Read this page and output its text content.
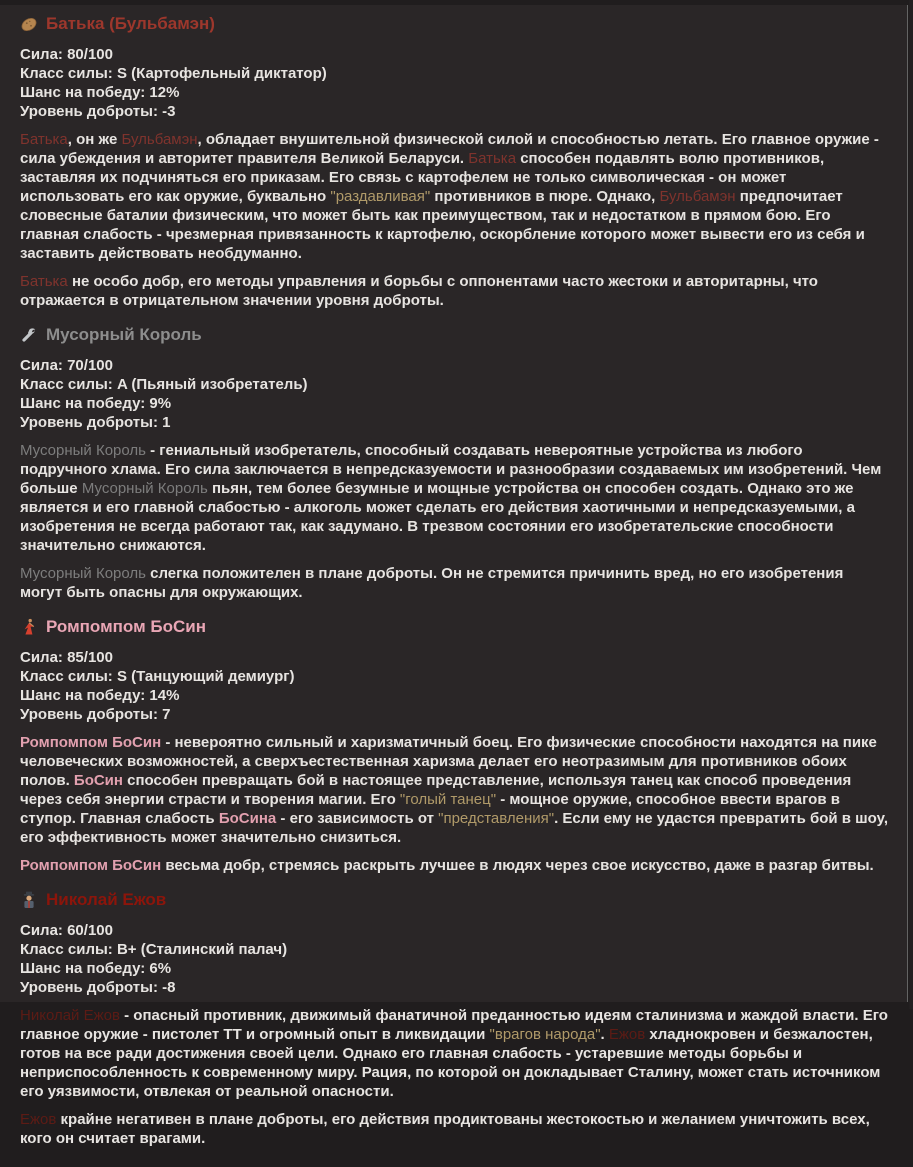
Батька (Бульбамэн)
Сила: 80/100
Класс силы: S (Картофельный диктатор)
Шанс на победу: 12%
Уровень доброты: -3

Батька, он же Бульбамэн, обладает внушительной физической силой и способностью летать. Его главное оружие - сила убеждения и авторитет правителя Великой Беларуси. Батька способен подавлять волю противников, заставляя их подчиняться его приказам. Его связь с картофелем не только символическая - он может использовать его как оружие, буквально "раздавливая" противников в пюре. Однако, Бульбамэн предпочитает словесные баталии физическим, что может быть как преимуществом, так и недостатком в прямом бою. Его главная слабость - чрезмерная привязанность к картофелю, оскорбление которого может вывести его из себя и заставить действовать необдуманно.

Батька не особо добр, его методы управления и борьбы с оппонентами часто жестоки и авторитарны, что отражается в отрицательном значении уровня доброты.

Мусорный Король
Сила: 70/100
Класс силы: A (Пьяный изобретатель)
Шанс на победу: 9%
Уровень доброты: 1

Мусорный Король - гениальный изобретатель, способный создавать невероятные устройства из любого подручного хлама. Его сила заключается в непредсказуемости и разнообразии создаваемых им изобретений. Чем больше Мусорный Король пьян, тем более безумные и мощные устройства он способен создать. Однако это же является и его главной слабостью - алкоголь может сделать его действия хаотичными и непредсказуемыми, а изобретения не всегда работают так, как задумано. В трезвом состоянии его изобретательские способности значительно снижаются.

Мусорный Король слегка положителен в плане доброты. Он не стремится причинить вред, но его изобретения могут быть опасны для окружающих.

Ромпомпом БоСин
Сила: 85/100
Класс силы: S (Танцующий демиург)
Шанс на победу: 14%
Уровень доброты: 7

Ромпомпом БоСин - невероятно сильный и харизматичный боец. Его физические способности находятся на пике человеческих возможностей, а сверхъестественная харизма делает его неотразимым для противников обоих полов. БоСин способен превращать бой в настоящее представление, используя танец как способ проведения через себя энергии страсти и творения магии. Его "голый танец" - мощное оружие, способное ввести врагов в ступор. Главная слабость БоСина - его зависимость от "представления". Если ему не удастся превратить бой в шоу, его эффективность может значительно снизиться.

Ромпомпом БоСин весьма добр, стремясь раскрыть лучшее в людях через свое искусство, даже в разгар битвы.

Николай Ежов
Сила: 60/100
Класс силы: B+ (Сталинский палач)
Шанс на победу: 6%
Уровень доброты: -8

Николай Ежов - опасный противник, движимый фанатичной преданностью идеям сталинизма и жаждой власти. Его главное оружие - пистолет ТТ и огромный опыт в ликвидации "врагов народа". Ежов хладнокровен и безжалостен, готов на все ради достижения своей цели. Однако его главная слабость - устаревшие методы борьбы и неприспособленность к современному миру. Рация, по которой он докладывает Сталину, может стать источником его уязвимости, отвлекая от реальной опасности.

Ежов крайне негативен в плане доброты, его действия продиктованы жестокостью и желанием уничтожить всех, кого он считает врагами.
